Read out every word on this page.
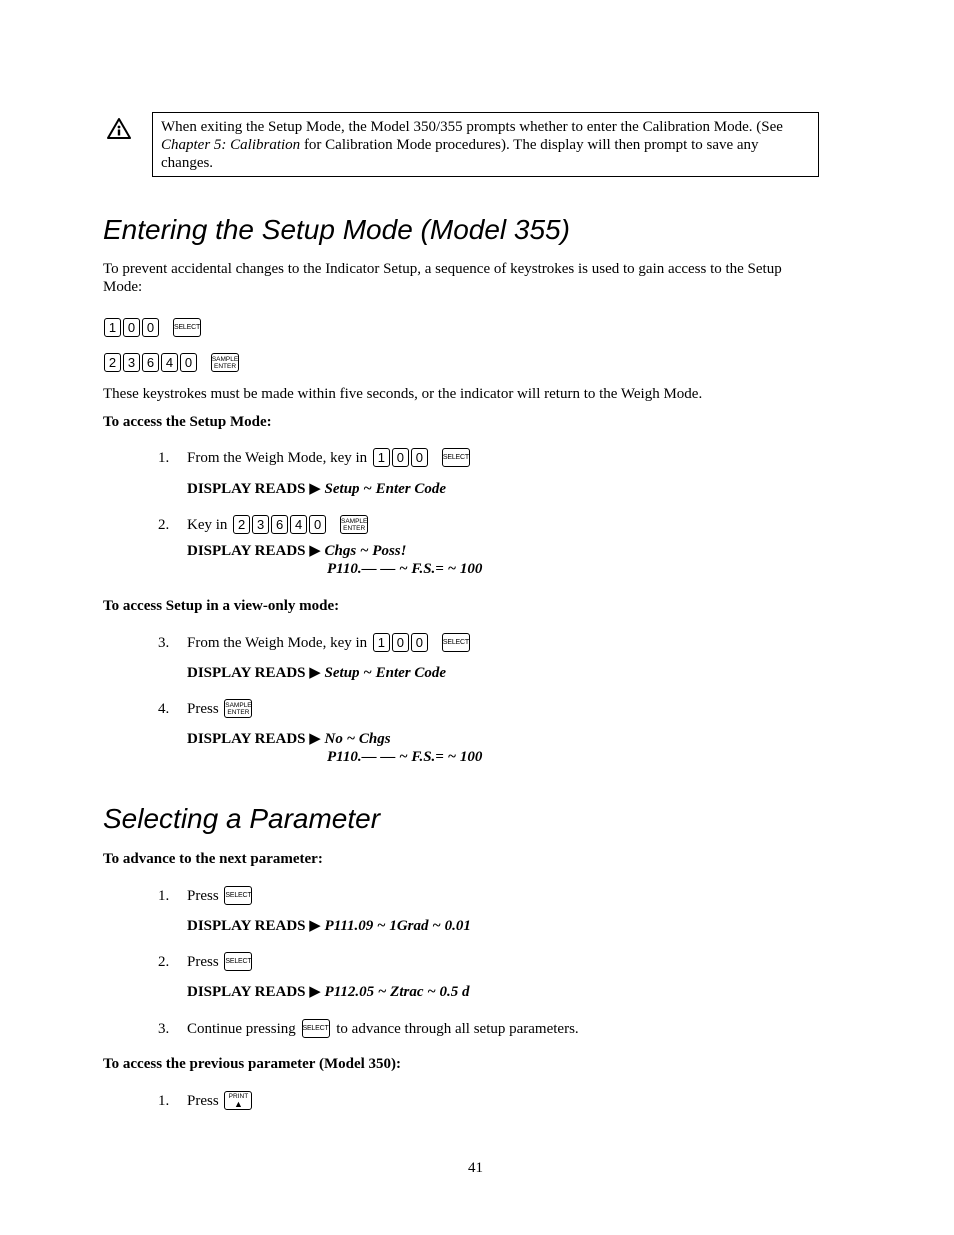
When exiting the Setup Mode, the Model 350/355 prompts whether to enter the Calibration Mode. (See Chapter 5: Calibration for Calibration Mode procedures). The display will then prompt to save any changes.
Entering the Setup Mode (Model 355)
To prevent accidental changes to the Indicator Setup, a sequence of keystrokes is used to gain access to the Setup Mode:
1 0 0	SELECT
2 3 6 4 0	SAMPLE
ENTER
These keystrokes must be made within five seconds, or the indicator will return to the Weigh Mode.
To access the Setup Mode:
1. From the Weigh Mode, key in 1 0 0	SELECT
DISPLAY READS ▶ Setup ~ Enter Code
2. Key in 2 3 6 4 0	SAMPLE
ENTER
DISPLAY READS ▶ Chgs ~ Poss!
P110.— — ~ F.S.= ~ 100
To access Setup in a view-only mode:
3. From the Weigh Mode, key in 1 0 0	SELECT
DISPLAY READS ▶ Setup ~ Enter Code
4. Press SAMPLE
ENTER
DISPLAY READS ▶ No ~ Chgs
P110.— — ~ F.S.= ~ 100
Selecting a Parameter
To advance to the next parameter:
1. Press SELECT
DISPLAY READS ▶ P111.09 ~ 1Grad ~ 0.01
2. Press SELECT
DISPLAY READS ▶ P112.05 ~ Ztrac ~ 0.5 d
3. Continue pressing SELECT to advance through all setup parameters.
To access the previous parameter (Model 350):
1. Press PRINT
▲
41
